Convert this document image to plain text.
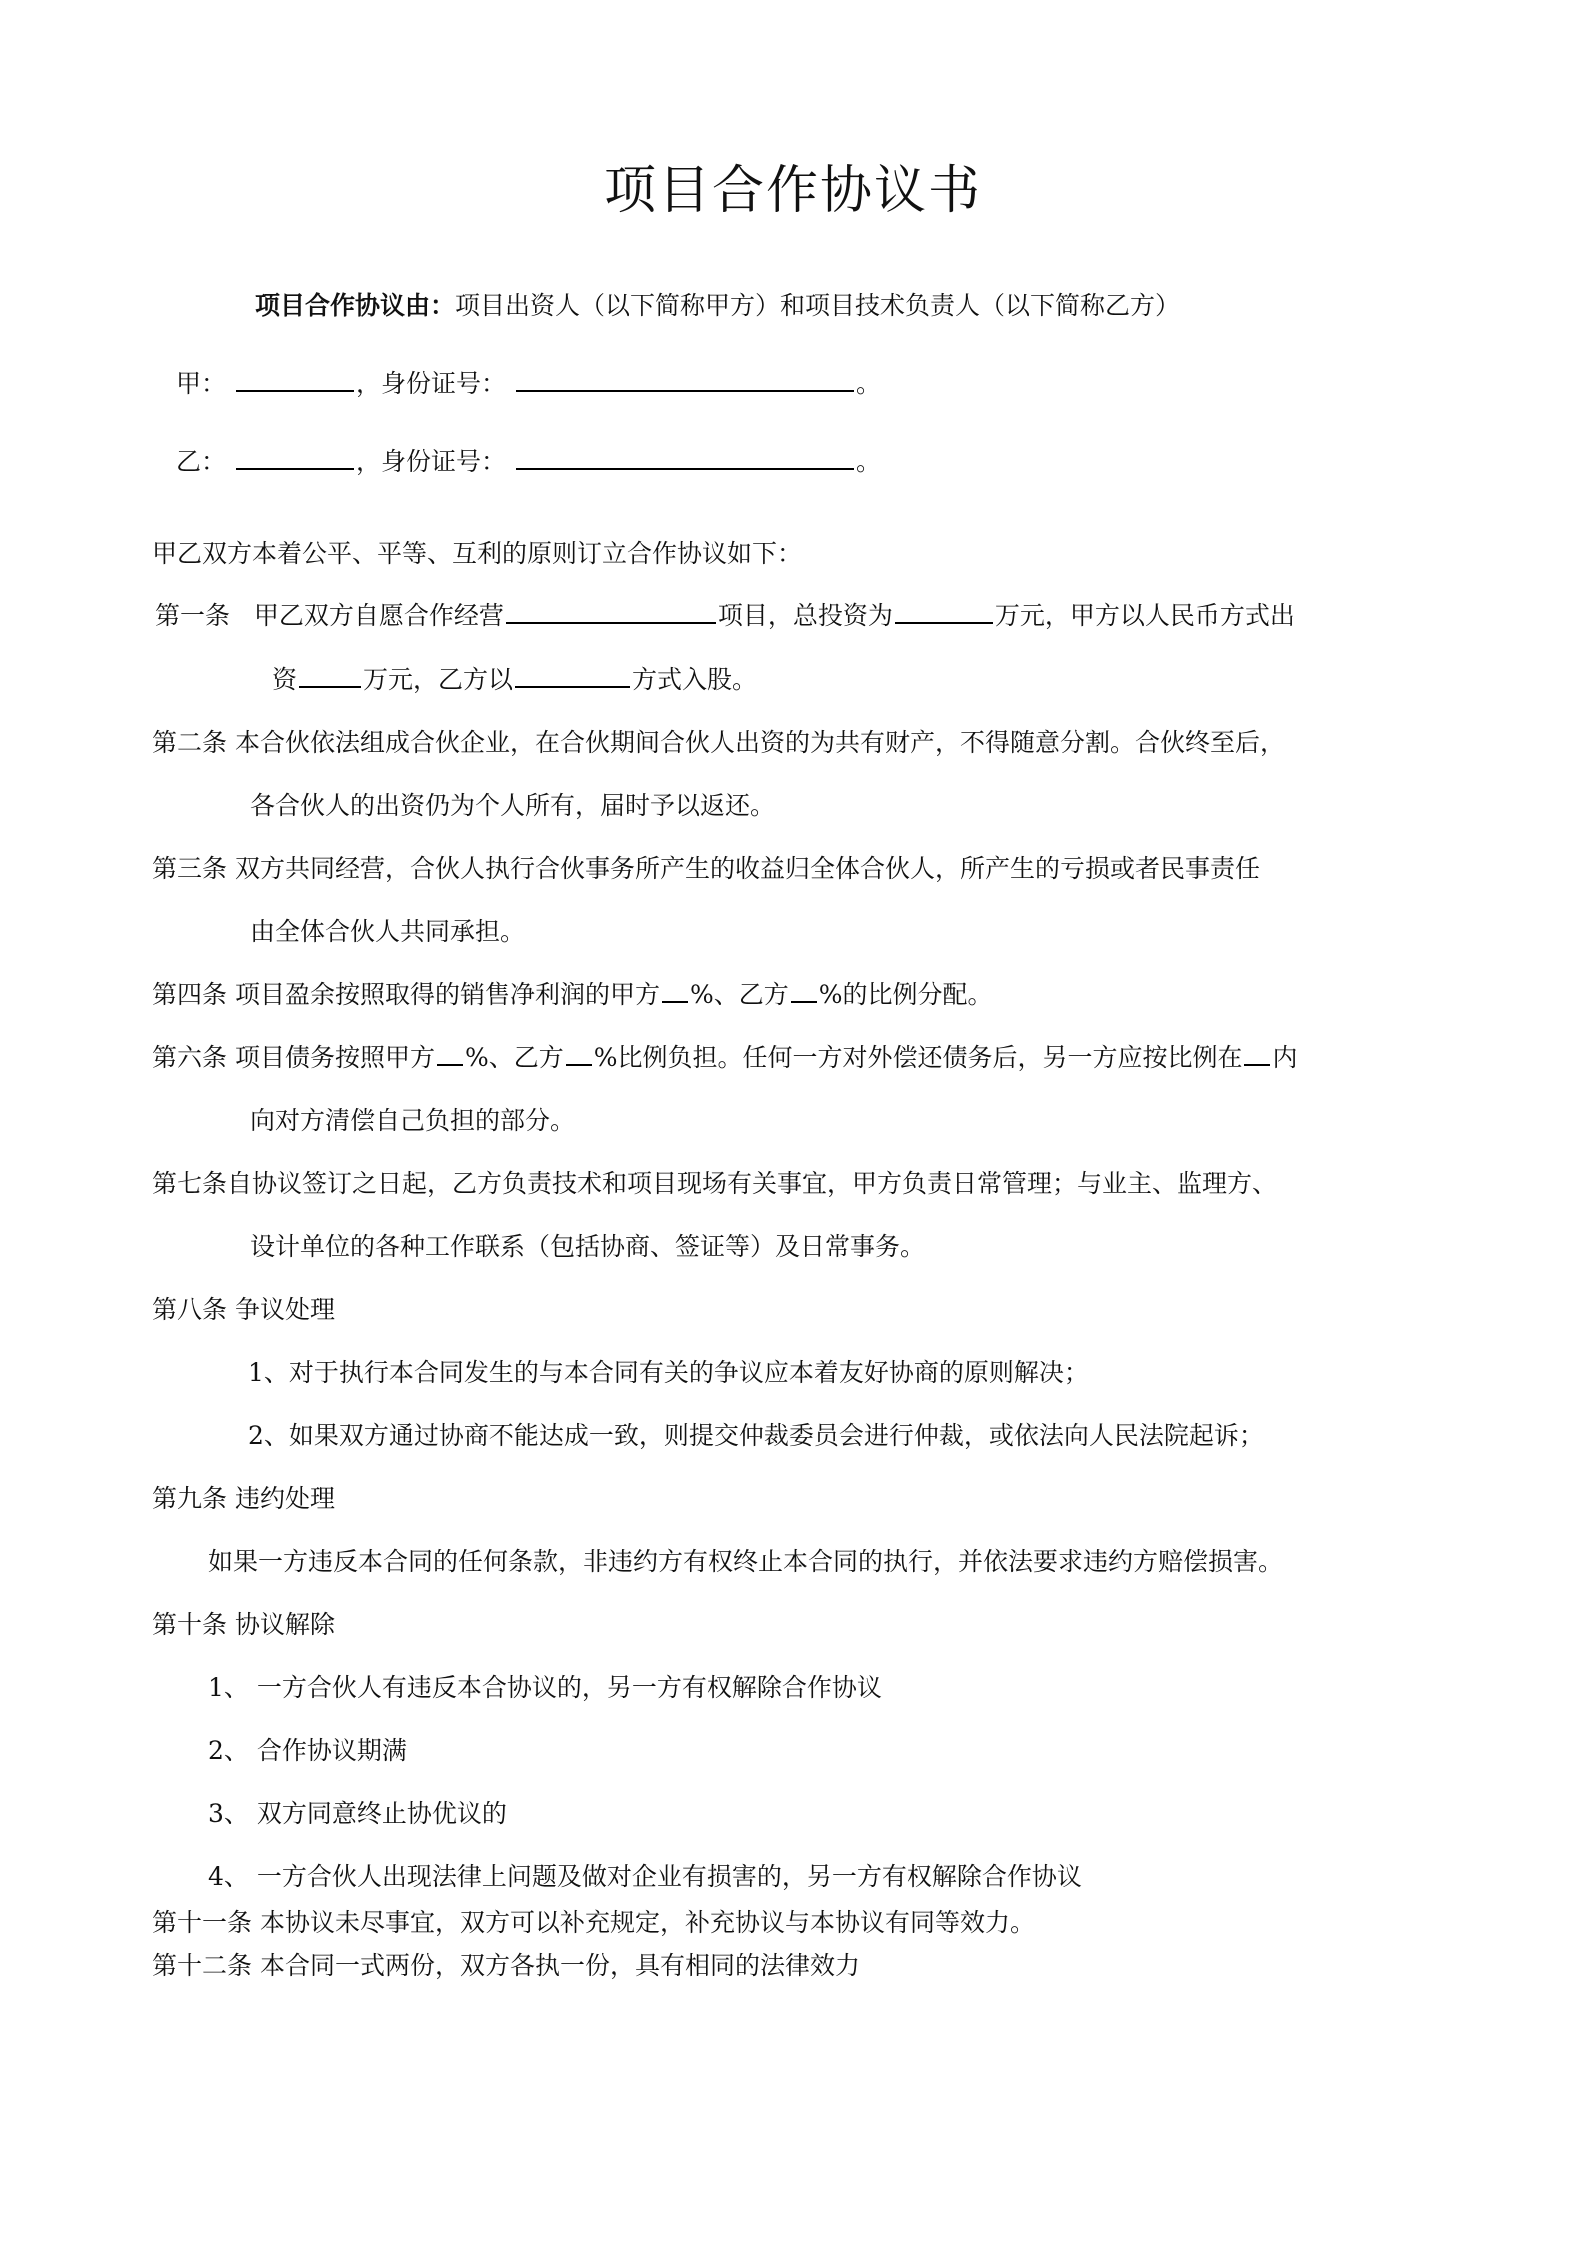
项目合作协议书
项目合作协议由：项目出资人（以下简称甲方）和项目技术负责人（以下简称乙方）
甲：	，身份证号：	。
乙：	，身份证号：	。
甲乙双方本着公平、平等、互利的原则订立合作协议如下：
第一条 甲乙双方自愿合作经营	项目，总投资为	万元，甲方以人民币方式出
资	万元，乙方以	方式入股。
第二条 本合伙依法组成合伙企业，在合伙期间合伙人出资的为共有财产，不得随意分割。合伙终至后，
各合伙人的出资仍为个人所有，届时予以返还。
第三条 双方共同经营，合伙人执行合伙事务所产生的收益归全体合伙人，所产生的亏损或者民事责任
由全体合伙人共同承担。
第四条 项目盈余按照取得的销售净利润的甲方 %、乙方 %的比例分配。
第六条 项目债务按照甲方 %、乙方 %比例负担。任何一方对外偿还债务后，另一方应按比例在 内
向对方清偿自己负担的部分。
第七条自协议签订之日起，乙方负责技术和项目现场有关事宜，甲方负责日常管理；与业主、监理方、
设计单位的各种工作联系（包括协商、签证等）及日常事务。
第八条 争议处理
1、对于执行本合同发生的与本合同有关的争议应本着友好协商的原则解决；
2、如果双方通过协商不能达成一致，则提交仲裁委员会进行仲裁，或依法向人民法院起诉；
第九条 违约处理
如果一方违反本合同的任何条款，非违约方有权终止本合同的执行，并依法要求违约方赔偿损害。
第十条 协议解除
1、 一方合伙人有违反本合协议的，另一方有权解除合作协议
2、 合作协议期满
3、 双方同意终止协优议的
4、 一方合伙人出现法律上问题及做对企业有损害的，另一方有权解除合作协议
第十一条 本协议未尽事宜，双方可以补充规定，补充协议与本协议有同等效力。
第十二条 本合同一式两份，双方各执一份，具有相同的法律效力
